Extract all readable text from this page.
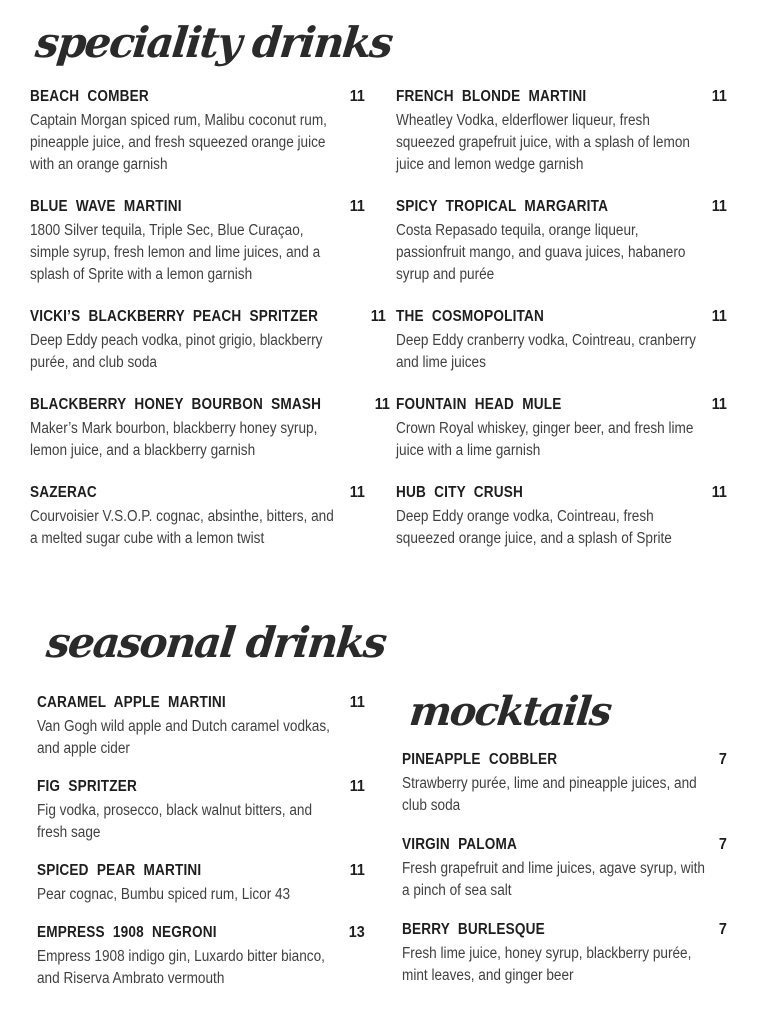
speciality drinks
BEACH COMBER	11
Captain Morgan spiced rum, Malibu coconut rum, pineapple juice, and fresh squeezed orange juice with an orange garnish
BLUE WAVE MARTINI	11
1800 Silver tequila, Triple Sec, Blue Curaçao, simple syrup, fresh lemon and lime juices, and a splash of Sprite with a lemon garnish
VICKI’S BLACKBERRY PEACH SPRITZER	11
Deep Eddy peach vodka, pinot grigio, blackberry purée, and club soda
BLACKBERRY HONEY BOURBON SMASH	11
Maker’s Mark bourbon, blackberry honey syrup, lemon juice, and a blackberry garnish
SAZERAC	11
Courvoisier V.S.O.P. cognac, absinthe, bitters, and a melted sugar cube with a lemon twist
FRENCH BLONDE MARTINI	11
Wheatley Vodka, elderflower liqueur, fresh squeezed grapefruit juice, with a splash of lemon juice and lemon wedge garnish
SPICY TROPICAL MARGARITA	11
Costa Repasado tequila, orange liqueur, passionfruit mango, and guava juices, habanero syrup and purée
THE COSMOPOLITAN	11
Deep Eddy cranberry vodka, Cointreau, cranberry and lime juices
FOUNTAIN HEAD MULE	11
Crown Royal whiskey, ginger beer, and fresh lime juice with a lime garnish
HUB CITY CRUSH	11
Deep Eddy orange vodka, Cointreau, fresh squeezed orange juice, and a splash of Sprite
seasonal drinks
CARAMEL APPLE MARTINI	11
Van Gogh wild apple and Dutch caramel vodkas, and apple cider
FIG SPRITZER	11
Fig vodka, prosecco, black walnut bitters, and fresh sage
SPICED PEAR MARTINI	11
Pear cognac, Bumbu spiced rum, Licor 43
EMPRESS 1908 NEGRONI	13
Empress 1908 indigo gin, Luxardo bitter bianco, and Riserva Ambrato vermouth
mocktails
PINEAPPLE COBBLER	7
Strawberry purée, lime and pineapple juices, and club soda
VIRGIN PALOMA	7
Fresh grapefruit and lime juices, agave syrup, with a pinch of sea salt
BERRY BURLESQUE	7
Fresh lime juice, honey syrup, blackberry purée, mint leaves, and ginger beer
